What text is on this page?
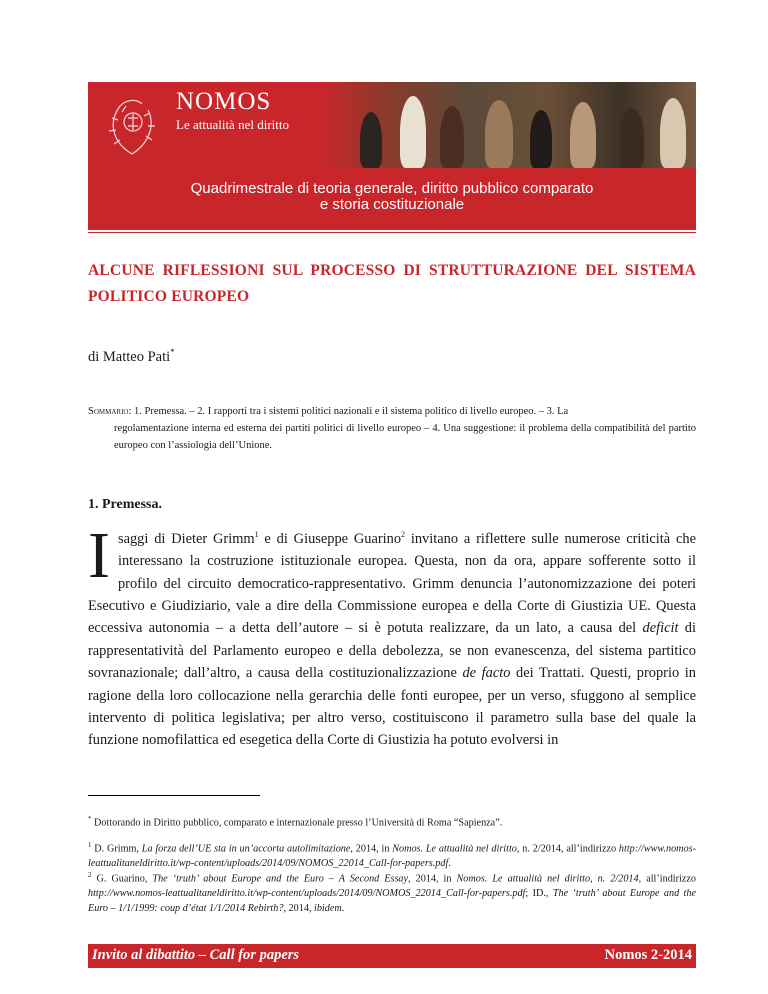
NOMOS
Le attualità nel diritto
Quadrimestrale di teoria generale, diritto pubblico comparato
e storia costituzionale
ALCUNE RIFLESSIONI SUL PROCESSO DI STRUTTURAZIONE DEL SISTEMA POLITICO EUROPEO
di Matteo Pati*
Sommario: 1. Premessa. – 2. I rapporti tra i sistemi politici nazionali e il sistema politico di livello europeo. – 3. La
regolamentazione interna ed esterna dei partiti politici di livello europeo – 4. Una suggestione: il problema della compatibilità del partito europeo con l’assiologia dell’Unione.
1. Premessa.
Isaggi di Dieter Grimm$^1$ e di Giuseppe Guarino$^2$ invitano a riflettere sulle numerose criticità che interessano la costruzione istituzionale europea. Questa, non da ora, appare sofferente sotto il profilo del circuito democratico-rappresentativo. Grimm denuncia l’autonomizzazione dei poteri Esecutivo e Giudiziario, vale a dire della Commissione europea e della Corte di Giustizia UE. Questa eccessiva autonomia – a detta dell’autore – si è potuta realizzare, da un lato, a causa del deficit di rappresentatività del Parlamento europeo e della debolezza, se non evanescenza, del sistema partitico sovranazionale; dall’altro, a causa della costituzionalizzazione de facto dei Trattati. Questi, proprio in ragione della loro collocazione nella gerarchia delle fonti europee, per un verso, sfuggono al semplice intervento di politica legislativa; per altro verso, costituiscono il parametro sulla base del quale la funzione nomofilattica ed esegetica della Corte di Giustizia ha potuto evolversi in
* Dottorando in Diritto pubblico, comparato e internazionale presso l’Università di Roma “Sapienza”.
$^1$ D. Grimm, La forza dell’UE sta in un’accorta autolimitazione, 2014, in Nomos. Le attualità nel diritto, n. 2/2014, all’indirizzo http://www.nomos-leattualitaneldiritto.it/wp-content/uploads/2014/09/NOMOS_22014_Call-for-papers.pdf.
$^2$ G. Guarino, The ‘truth’ about Europe and the Euro – A Second Essay, 2014, in Nomos. Le attualità nel diritto, n. 2/2014, all’indirizzo http://www.nomos-leattualitaneldiritto.it/wp-content/uploads/2014/09/NOMOS_22014_Call-for-papers.pdf; ID., The ‘truth’ about Europe and the Euro – 1/1/1999: coup d’état 1/1/2014 Rebirth?, 2014, ibidem.
Invito al dibattito – Call for papers	Nomos 2-2014
